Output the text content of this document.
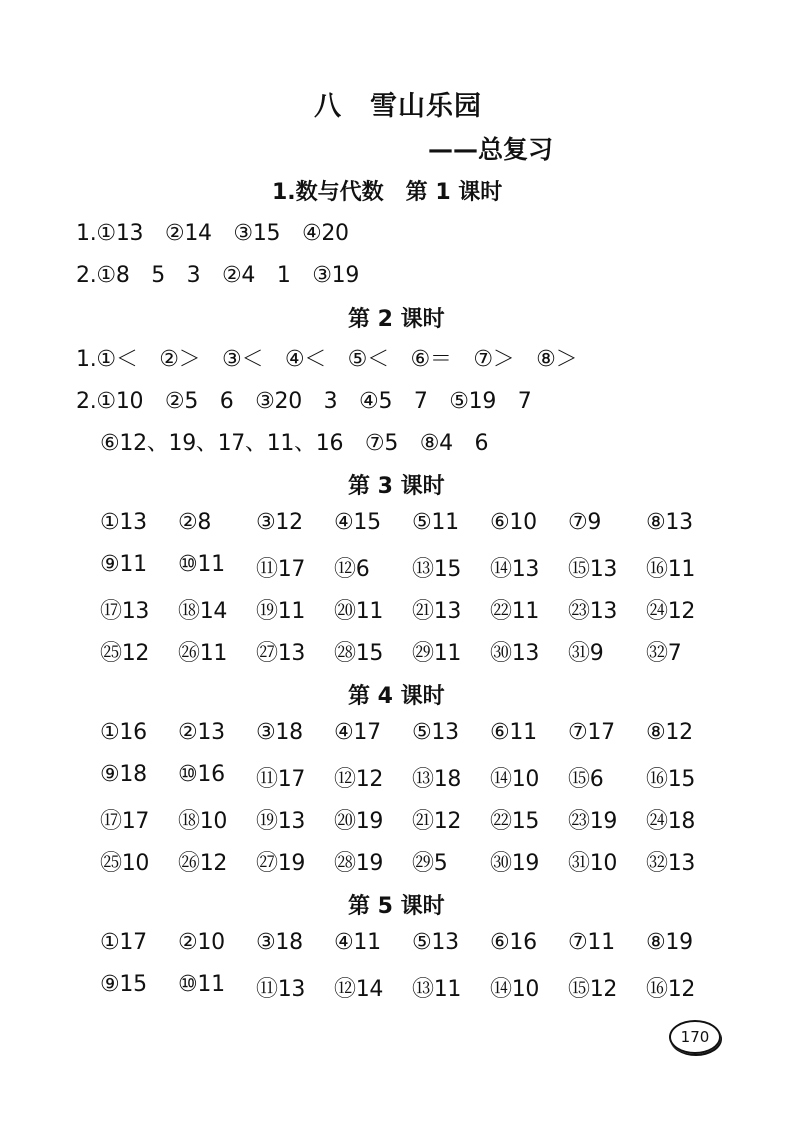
八　雪山乐园
——总复习
1.数与代数　第 1 课时
1.①13　②14　③15　④20
2.①8　5　3　②4　1　③19
第 2 课时
1.①＜　②＞　③＜　④＜　⑤＜　⑥＝　⑦＞　⑧＞
2.①10　②5　6　③20　3　④5　7　⑤19　7
⑥12、19、17、11、16　⑦5　⑧4　6
第 3 课时
①13 ②8 ③12 ④15 ⑤11 ⑥10 ⑦9 ⑧13
⑨11 ⑩11 ⑪17 ⑫6 ⑬15 ⑭13 ⑮13 ⑯11
⑰13 ⑱14 ⑲11 ⑳11 ㉑13 ㉒11 ㉓13 ㉔12
㉕12 ㉖11 ㉗13 ㉘15 ㉙11 ㉚13 ㉛9 ㉜7
第 4 课时
①16 ②13 ③18 ④17 ⑤13 ⑥11 ⑦17 ⑧12
⑨18 ⑩16 ⑪17 ⑫12 ⑬18 ⑭10 ⑮6 ⑯15
⑰17 ⑱10 ⑲13 ⑳19 ㉑12 ㉒15 ㉓19 ㉔18
㉕10 ㉖12 ㉗19 ㉘19 ㉙5 ㉚19 ㉛10 ㉜13
第 5 课时
①17 ②10 ③18 ④11 ⑤13 ⑥16 ⑦11 ⑧19
⑨15 ⑩11 ⑪13 ⑫14 ⑬11 ⑭10 ⑮12 ⑯12
170
